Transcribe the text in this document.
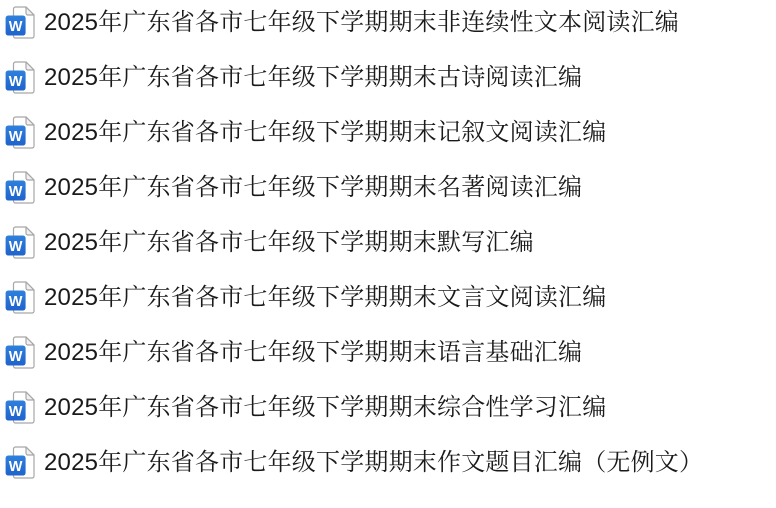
W 2025年广东省各市七年级下学期期末非连续性文本阅读汇编
W 2025年广东省各市七年级下学期期末古诗阅读汇编
W 2025年广东省各市七年级下学期期末记叙文阅读汇编
W 2025年广东省各市七年级下学期期末名著阅读汇编
W 2025年广东省各市七年级下学期期末默写汇编
W 2025年广东省各市七年级下学期期末文言文阅读汇编
W 2025年广东省各市七年级下学期期末语言基础汇编
W 2025年广东省各市七年级下学期期末综合性学习汇编
W 2025年广东省各市七年级下学期期末作文题目汇编（无例文）
